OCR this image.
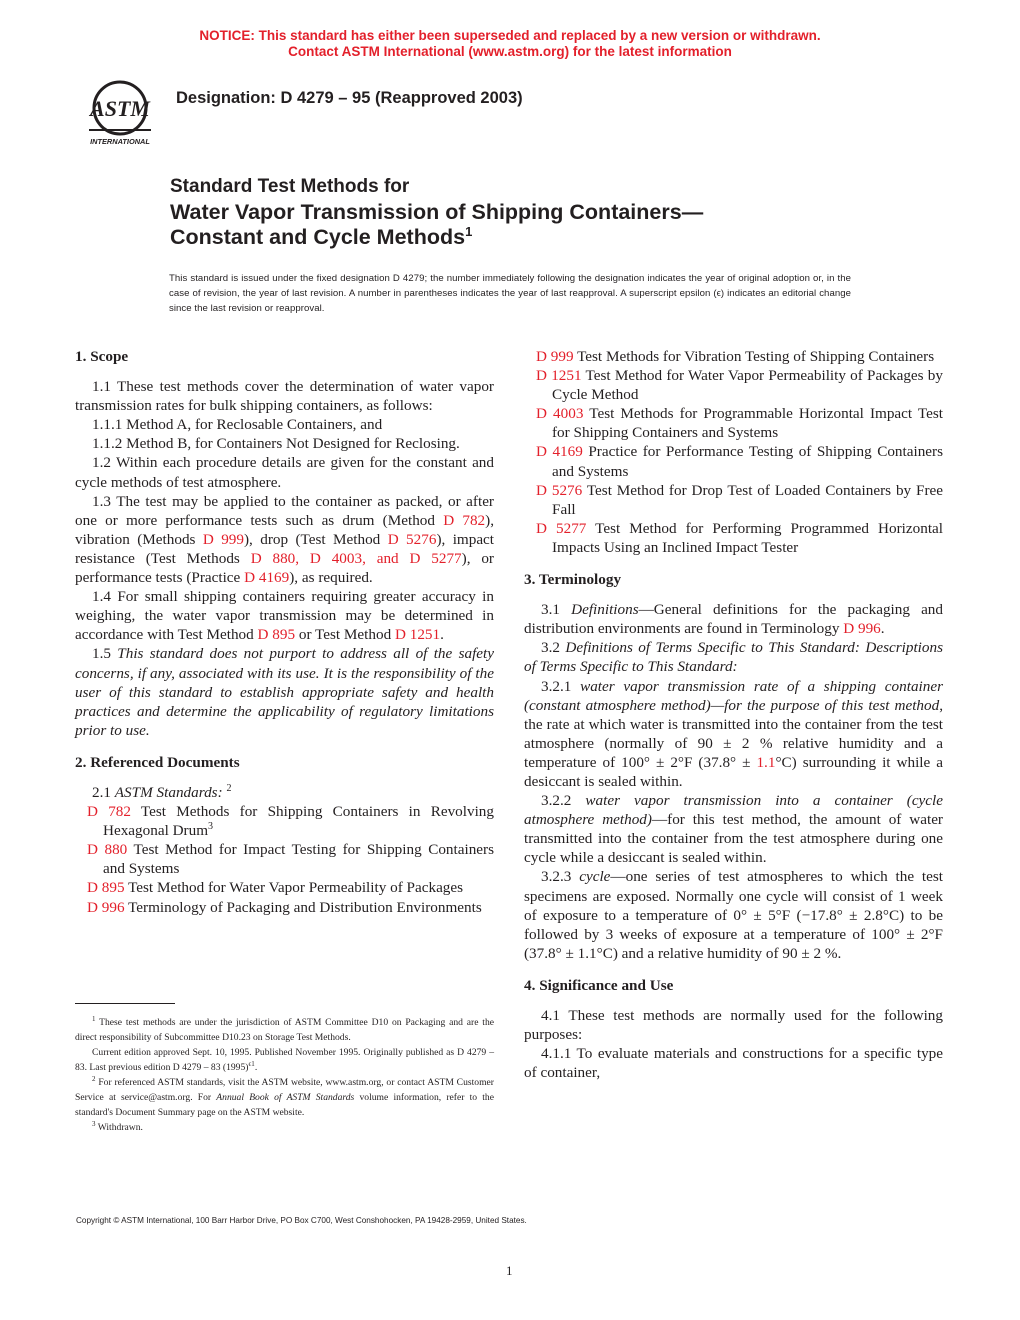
NOTICE: This standard has either been superseded and replaced by a new version or withdrawn.
Contact ASTM International (www.astm.org) for the latest information
ASTM
INTERNATIONAL
Designation: D 4279 – 95 (Reapproved 2003)
Standard Test Methods for
Water Vapor Transmission of Shipping Containers—
Constant and Cycle Methods$^1$
This standard is issued under the fixed designation D 4279; the number immediately following the designation indicates the year of original adoption or, in the case of revision, the year of last revision. A number in parentheses indicates the year of last reapproval. A superscript epsilon (ϵ) indicates an editorial change since the last revision or reapproval.

1. Scope

1.1 These test methods cover the determination of water vapor transmission rates for bulk shipping containers, as follows:

1.1.1 Method A, for Reclosable Containers, and

1.1.2 Method B, for Containers Not Designed for Reclosing.

1.2 Within each procedure details are given for the constant and cycle methods of test atmosphere.

1.3 The test may be applied to the container as packed, or after one or more performance tests such as drum (Method D 782), vibration (Methods D 999), drop (Test Method D 5276), impact resistance (Test Methods D 880, D 4003, and D 5277), or performance tests (Practice D 4169), as required.

1.4 For small shipping containers requiring greater accuracy in weighing, the water vapor transmission may be determined in accordance with Test Method D 895 or Test Method D 1251.

1.5 This standard does not purport to address all of the safety concerns, if any, associated with its use. It is the responsibility of the user of this standard to establish appropriate safety and health practices and determine the applicability of regulatory limitations prior to use.

2. Referenced Documents

2.1 ASTM Standards: $^2$

D 782 Test Methods for Shipping Containers in Revolving Hexagonal Drum$^3$

D 880 Test Method for Impact Testing for Shipping Containers and Systems

D 895 Test Method for Water Vapor Permeability of Packages

D 996 Terminology of Packaging and Distribution Environments

$^1$ These test methods are under the jurisdiction of ASTM Committee D10 on Packaging and are the direct responsibility of Subcommittee D10.23 on Storage Test Methods.

Current edition approved Sept. 10, 1995. Published November 1995. Originally published as D 4279 – 83. Last previous edition D 4279 – 83 $(1995)^{\epsilon 1}$.

$^2$ For referenced ASTM standards, visit the ASTM website, www.astm.org, or contact ASTM Customer Service at service@astm.org. For Annual Book of ASTM Standards volume information, refer to the standard's Document Summary page on the ASTM website.

$^3$ Withdrawn.

D 999 Test Methods for Vibration Testing of Shipping Containers

D 1251 Test Method for Water Vapor Permeability of Packages by Cycle Method

D 4003 Test Methods for Programmable Horizontal Impact Test for Shipping Containers and Systems

D 4169 Practice for Performance Testing of Shipping Containers and Systems

D 5276 Test Method for Drop Test of Loaded Containers by Free Fall

D 5277 Test Method for Performing Programmed Horizontal Impacts Using an Inclined Impact Tester

3. Terminology

3.1 Definitions—General definitions for the packaging and distribution environments are found in Terminology D 996.

3.2 Definitions of Terms Specific to This Standard: Descriptions of Terms Specific to This Standard:

3.2.1 water vapor transmission rate of a shipping container (constant atmosphere method)—for the purpose of this test method, the rate at which water is transmitted into the container from the test atmosphere (normally of 90 ± 2 % relative humidity and a temperature of 100° ± 2°F (37.8° ± 1.1°C) surrounding it while a desiccant is sealed within.

3.2.2 water vapor transmission into a container (cycle atmosphere method)—for this test method, the amount of water transmitted into the container from the test atmosphere during one cycle while a desiccant is sealed within.

3.2.3 cycle—one series of test atmospheres to which the test specimens are exposed. Normally one cycle will consist of 1 week of exposure to a temperature of 0° ± 5°F (−17.8° ± 2.8°C) to be followed by 3 weeks of exposure at a temperature of 100° ± 2°F (37.8° ± 1.1°C) and a relative humidity of 90 ± 2 %.

4. Significance and Use

4.1 These test methods are normally used for the following purposes:

4.1.1 To evaluate materials and constructions for a specific type of container,

Copyright © ASTM International, 100 Barr Harbor Drive, PO Box C700, West Conshohocken, PA 19428-2959, United States.
1
